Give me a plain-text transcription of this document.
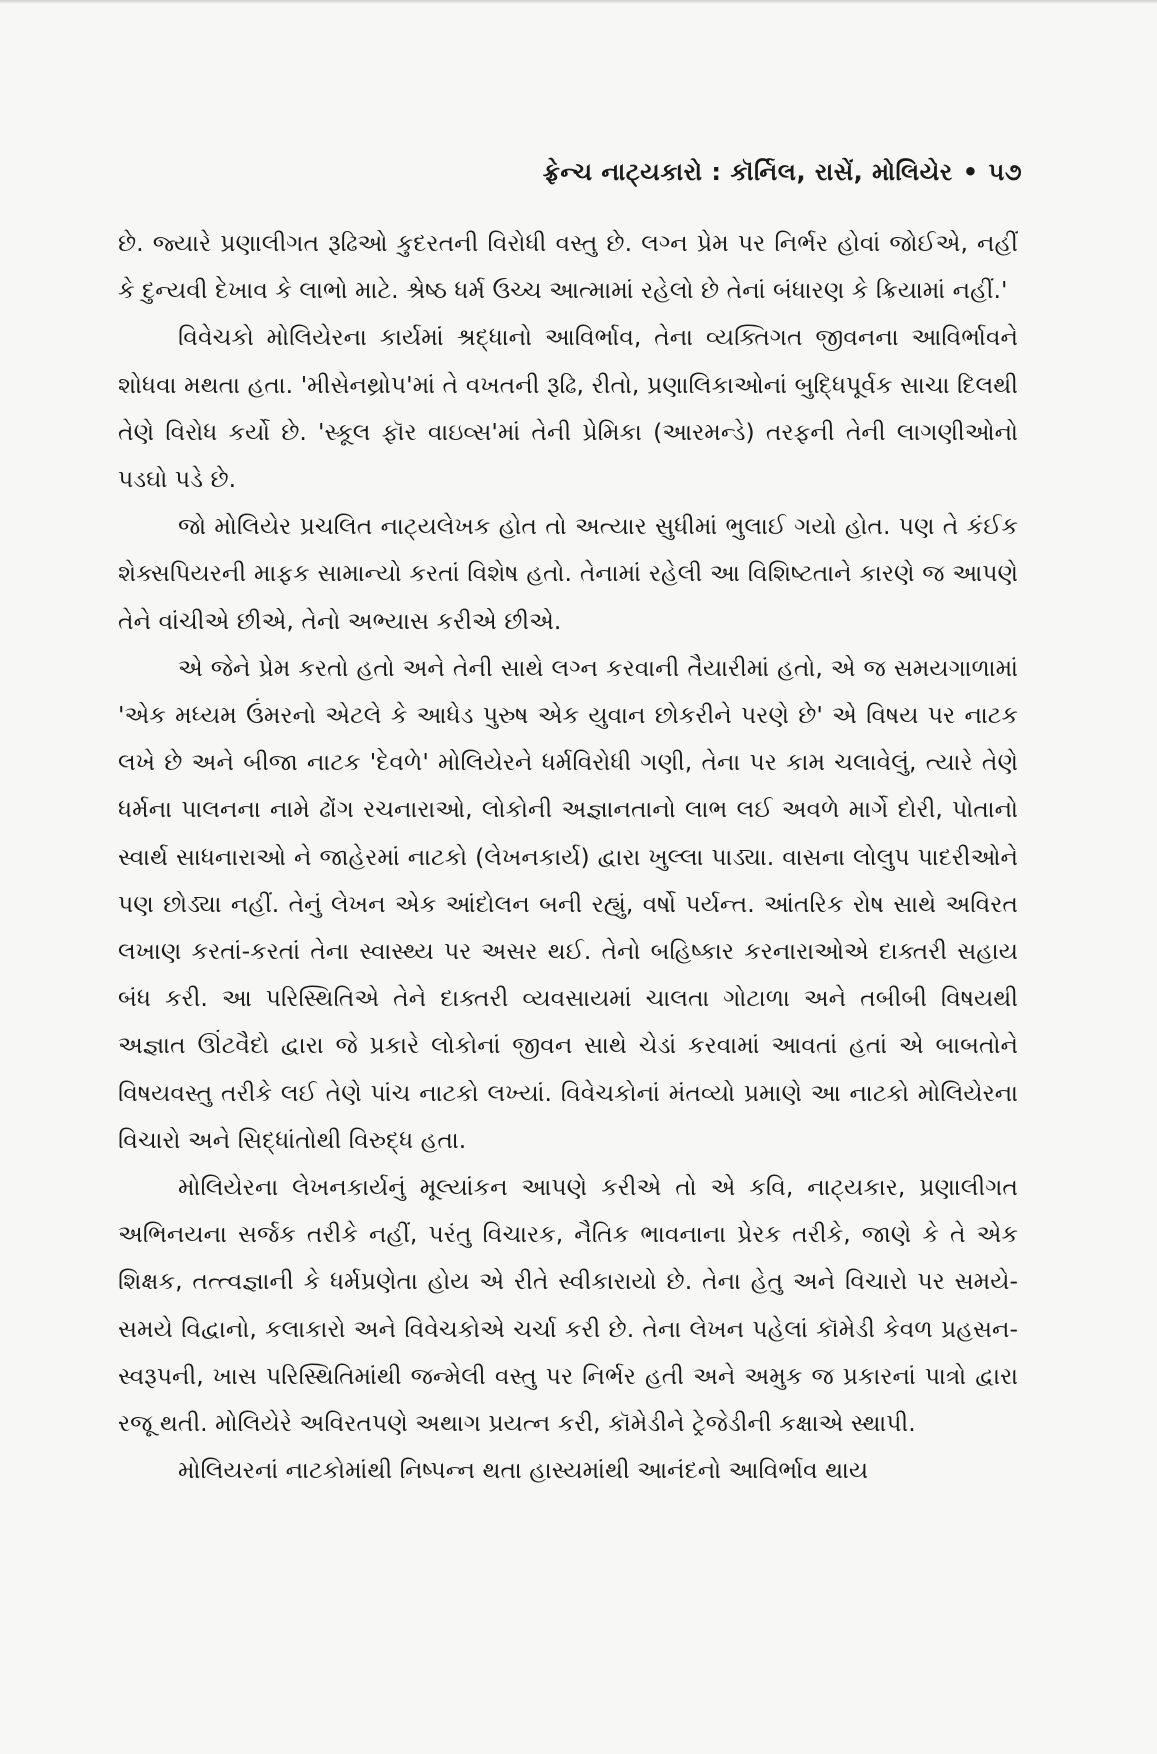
ફ્રેન્ચ નાટ્યકારો : કૉર્નિલ, રાસેં, મોલિયેર • ૫૭

છે. જ્યારે પ્રણાલીગત રૂઢિઓ કુદરતની વિરોધી વસ્તુ છે. લગ્ન પ્રેમ પર નિર્ભર હોવાં જોઈએ, નહીં કે દુન્યવી દેખાવ કે લાભો માટે. શ્રેષ્ઠ ધર્મ ઉચ્ચ આત્મામાં રહેલો છે તેનાં બંધારણ કે ક્રિયામાં નહીં.'

વિવેચકો મોલિયેરના કાર્યમાં શ્રદ્ધાનો આવિર્ભાવ, તેના વ્યક્તિગત જીવનના આવિર્ભાવને શોધવા મથતા હતા. 'મીસેનથ્રોપ'માં તે વખતની રૂઢિ, રીતો, પ્રણાલિકાઓનાં બુદ્ધિપૂર્વક સાચા દિલથી તેણે વિરોધ કર્યો છે. 'સ્કૂલ ફૉર વાઇવ્સ'માં તેની પ્રેમિકા (આરમન્ડે) તરફની તેની લાગણીઓનો પડઘો પડે છે.

જો મોલિયેર પ્રચલિત નાટ્યલેખક હોત તો અત્યાર સુધીમાં ભુલાઈ ગયો હોત. પણ તે કંઈક શેક્સપિયરની માફક સામાન્યો કરતાં વિશેષ હતો. તેનામાં રહેલી આ વિશિષ્ટતાને કારણે જ આપણે તેને વાંચીએ છીએ, તેનો અભ્યાસ કરીએ છીએ.

એ જેને પ્રેમ કરતો હતો અને તેની સાથે લગ્ન કરવાની તૈયારીમાં હતો, એ જ સમયગાળામાં 'એક મધ્યમ ઉંમરનો એટલે કે આધેડ પુરુષ એક યુવાન છોકરીને પરણે છે' એ વિષય પર નાટક લખે છે અને બીજા નાટક 'દેવળે' મોલિયેરને ધર્મવિરોધી ગણી, તેના પર કામ ચલાવેલું, ત્યારે તેણે ધર્મના પાલનના નામે ઢોંગ રચનારાઓ, લોકોની અજ્ઞાનતાનો લાભ લઈ અવળે માર્ગે દોરી, પોતાનો સ્વાર્થ સાધનારાઓ ને જાહેરમાં નાટકો (લેખનકાર્ય) દ્વારા ખુલ્લા પાડ્યા. વાસના લોલુપ પાદરીઓને પણ છોડ્યા નહીં. તેનું લેખન એક આંદોલન બની રહ્યું, વર્ષો પર્યન્ત. આંતરિક રોષ સાથે અવિરત લખાણ કરતાં-કરતાં તેના સ્વાસ્થ્ય પર અસર થઈ. તેનો બહિષ્કાર કરનારાઓએ દાક્તરી સહાય બંધ કરી. આ પરિસ્થિતિએ તેને દાક્તરી વ્યવસાયમાં ચાલતા ગોટાળા અને તબીબી વિષયથી અજ્ઞાત ઊંટવૈદો દ્વારા જે પ્રકારે લોકોનાં જીવન સાથે ચેડાં કરવામાં આવતાં હતાં એ બાબતોને વિષયવસ્તુ તરીકે લઈ તેણે પાંચ નાટકો લખ્યાં. વિવેચકોનાં મંતવ્યો પ્રમાણે આ નાટકો મોલિયેરના વિચારો અને સિદ્ધાંતોથી વિરુદ્ધ હતા.

મોલિયેરના લેખનકાર્યનું મૂલ્યાંકન આપણે કરીએ તો એ કવિ, નાટ્યકાર, પ્રણાલીગત અભિનયના સર્જક તરીકે નહીં, પરંતુ વિચારક, નૈતિક ભાવનાના પ્રેરક તરીકે, જાણે કે તે એક શિક્ષક, તત્ત્વજ્ઞાની કે ધર્મપ્રણેતા હોય એ રીતે સ્વીકારાયો છે. તેના હેતુ અને વિચારો પર સમયે-સમયે વિદ્વાનો, કલાકારો અને વિવેચકોએ ચર્ચા કરી છે. તેના લેખન પહેલાં કૉમેડી કેવળ પ્રહસન-સ્વરૂપની, ખાસ પરિસ્થિતિમાંથી જન્મેલી વસ્તુ પર નિર્ભર હતી અને અમુક જ પ્રકારનાં પાત્રો દ્વારા રજૂ થતી. મોલિયેરે અવિરતપણે અથાગ પ્રયત્ન કરી, કૉમેડીને ટ્રેજેડીની કક્ષાએ સ્થાપી.

મોલિયરનાં નાટકોમાંથી નિષ્પન્ન થતા હાસ્યમાંથી આનંદનો આવિર્ભાવ થાય
